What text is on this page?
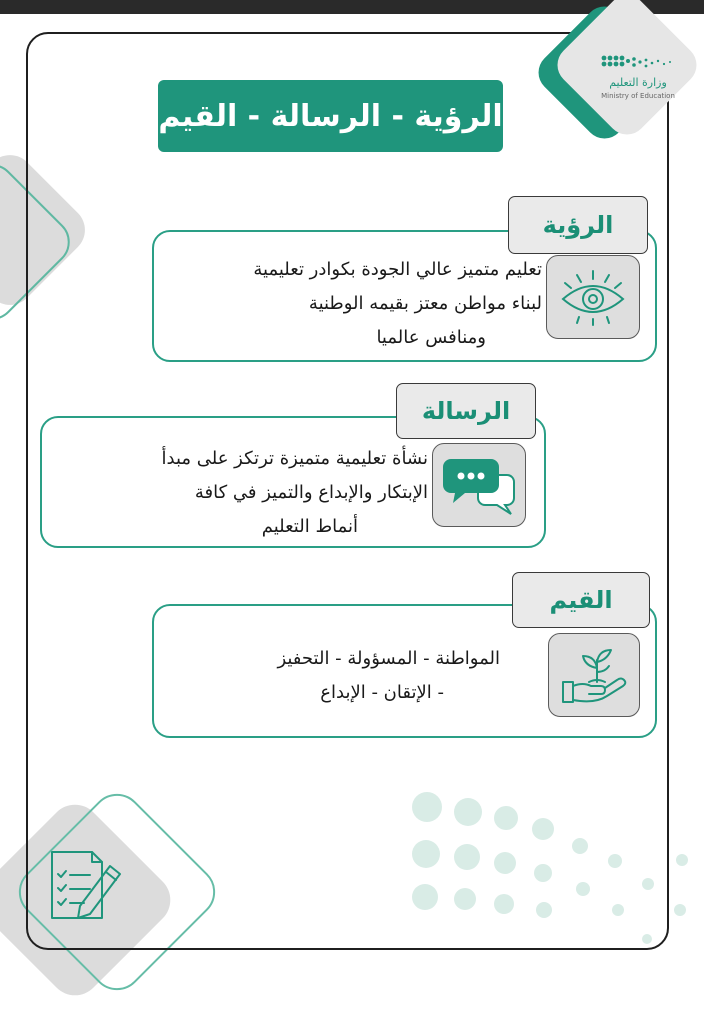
وزارة التعليم
Ministry of Education
الرؤية - الرسالة - القيم
الرؤية
تعليم متميز عالي الجودة بكوادر تعليمية
لبناء مواطن معتز بقيمه الوطنية
ومنافس عالميا
الرسالة
نشأة تعليمية متميزة ترتكز على مبدأ
الإبتكار والإبداع والتميز في كافة
أنماط التعليم
القيم
المواطنة - المسؤولة - التحفيز
- الإتقان - الإبداع
